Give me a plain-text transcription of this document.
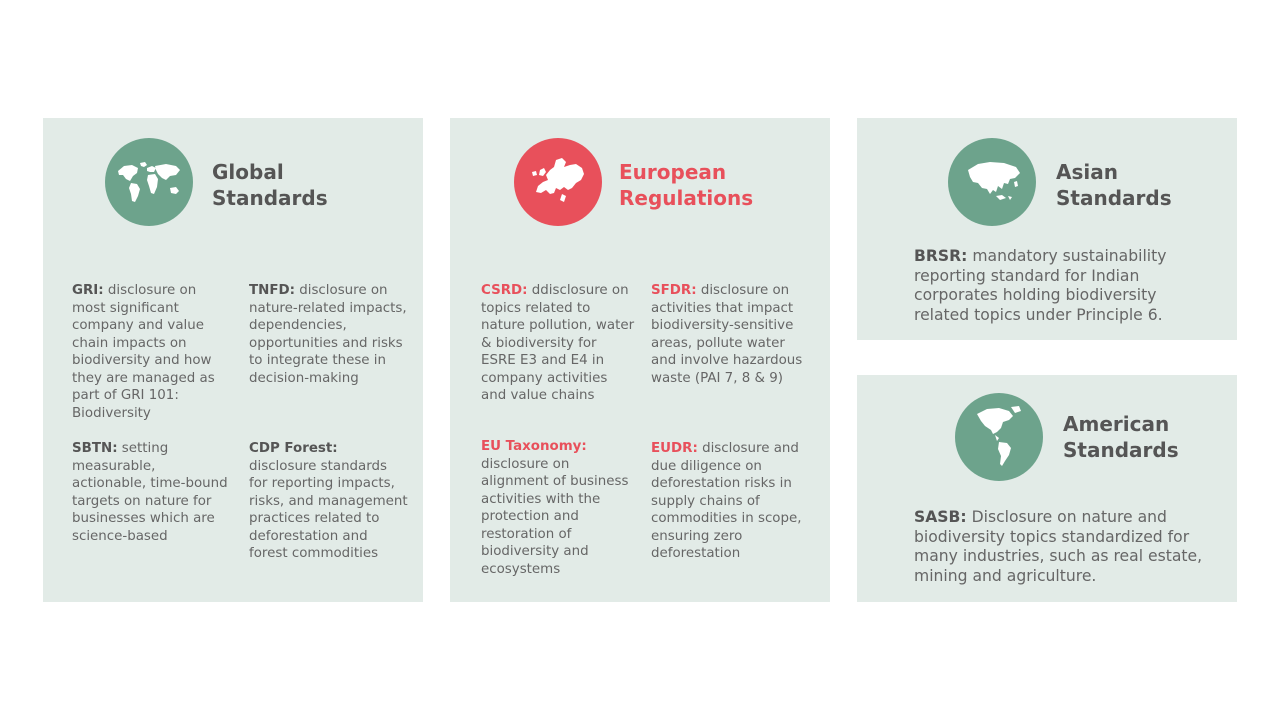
Global
Standards
GRI: disclosure on most significant company and value chain impacts on biodiversity and how they are managed as part of GRI 101: Biodiversity
TNFD: disclosure on nature-related impacts, dependencies, opportunities and risks to integrate these in decision-making
SBTN: setting measurable, actionable, time-bound targets on nature for businesses which are science-based
CDP Forest: disclosure standards for reporting impacts, risks, and management practices related to deforestation and forest commodities
European
Regulations
CSRD: ddisclosure on topics related to nature pollution, water & biodiversity for ESRE E3 and E4 in company activities and value chains
SFDR: disclosure on activities that impact biodiversity-sensitive areas, pollute water and involve hazardous waste (PAI 7, 8 & 9)
EU Taxonomy: disclosure on alignment of business activities with the protection and restoration of biodiversity and ecosystems
EUDR: disclosure and due diligence on deforestation risks in supply chains of commodities in scope, ensuring zero deforestation
Asian
Standards
BRSR: mandatory sustainability reporting standard for Indian corporates holding biodiversity related topics under Principle 6.
American
Standards
SASB: Disclosure on nature and biodiversity topics standardized for many industries, such as real estate, mining and agriculture.
